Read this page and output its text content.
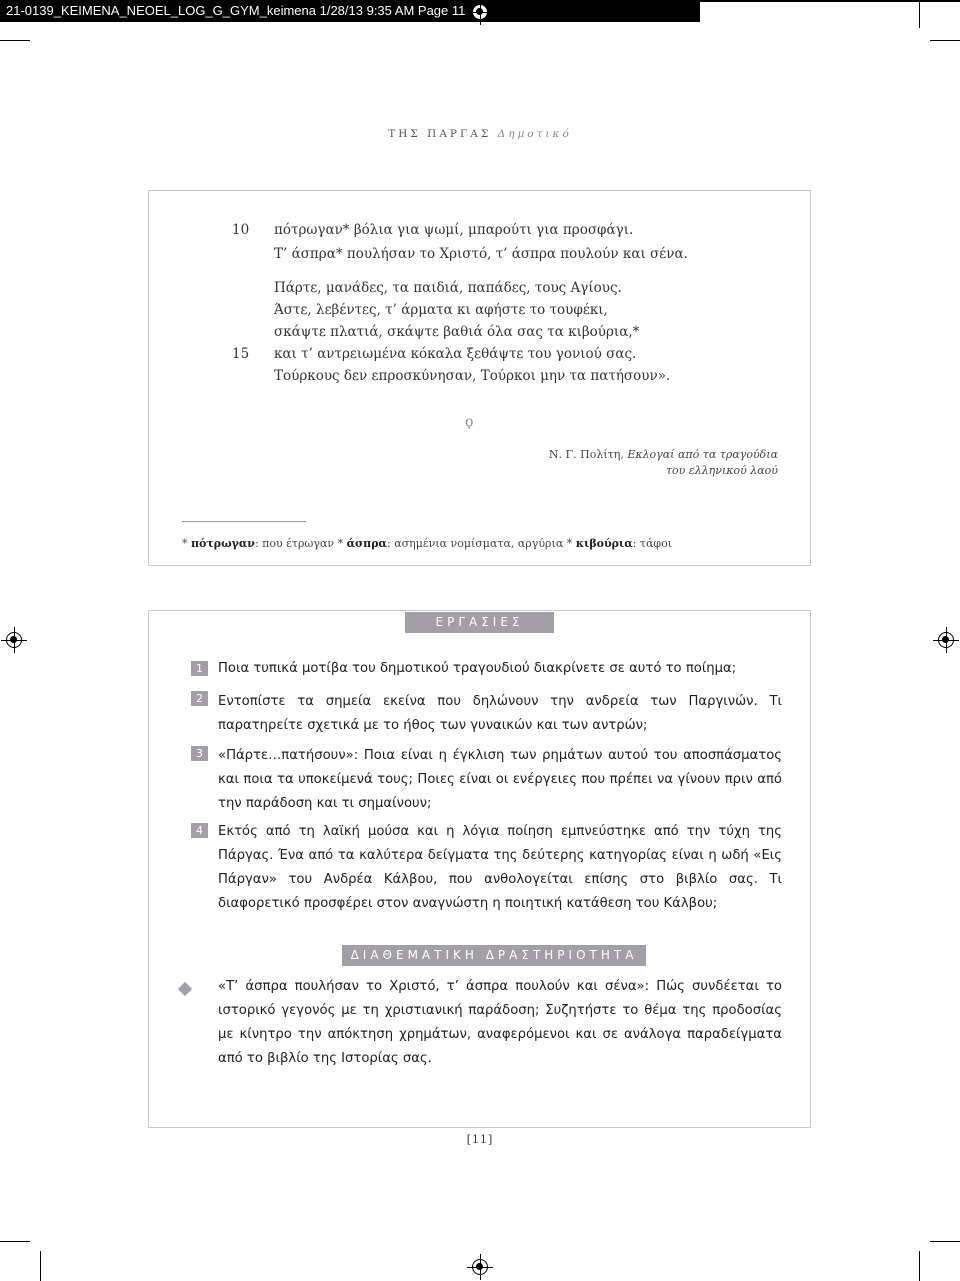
21-0139_KEIMENA_NEOEL_LOG_G_GYM_keimena 1/28/13 9:35 AM Page 11
ΤΗΣ ΠΑΡΓΑΣ Δημοτικό
10 πότρωγαν* βόλια για ψωμί, μπαρούτι για προσφάγι.
Τ’ άσπρα* πουλήσαν το Χριστό, τ’ άσπρα πουλούν και σένα.
Πάρτε, μανάδες, τα παιδιά, παπάδες, τους Αγίους.
Άστε, λεβέντες, τ’ άρματα κι αφήστε το τουφέκι,
σκάψτε πλατιά, σκάψτε βαθιά όλα σας τα κιβούρια,*
15 και τ’ αντρειωμένα κόκαλα ξεθάψτε του γονιού σας.
Τούρκους δεν επροσκύνησαν, Τούρκοι μην τα πατήσουν».
ϙ
Ν. Γ. Πολίτη, Εκλογαί από τα τραγούδια
του ελληνικού λαού
* πότρωγαν: που έτρωγαν * άσπρα: ασημένια νομίσματα, αργύρια * κιβούρια: τάφοι
ΕΡΓΑΣΙΕΣ
1	Ποια τυπικά μοτίβα του δημοτικού τραγουδιού διακρίνετε σε αυτό το ποίημα;
2	Εντοπίστε τα σημεία εκείνα που δηλώνουν την ανδρεία των Παργινών. Τι παρατηρείτε σχετικά με το ήθος των γυναικών και των αντρών;
3	«Πάρτε…πατήσουν»: Ποια είναι η έγκλιση των ρημάτων αυτού του αποσπάσματος και ποια τα υποκείμενά τους; Ποιες είναι οι ενέργειες που πρέπει να γίνουν πριν από την παράδοση και τι σημαίνουν;
4	Εκτός από τη λαϊκή μούσα και η λόγια ποίηση εμπνεύστηκε από την τύχη της Πάργας. Ένα από τα καλύτερα δείγματα της δεύτερης κατηγορίας είναι η ωδή «Εις Πάργαν» του Ανδρέα Κάλβου, που ανθολογείται επίσης στο βιβλίο σας. Τι διαφορετικό προσφέρει στον αναγνώστη η ποιητική κατάθεση του Κάλβου;
ΔΙΑΘΕΜΑΤΙΚΗ ΔΡΑΣΤΗΡΙΟΤΗΤΑ
«Τ’ άσπρα πουλήσαν το Χριστό, τ’ άσπρα πουλούν και σένα»: Πώς συνδέεται το ιστορικό γεγονός με τη χριστιανική παράδοση; Συζητήστε το θέμα της προδοσίας με κίνητρο την απόκτηση χρημάτων, αναφερόμενοι και σε ανάλογα παραδείγματα από το βιβλίο της Ιστορίας σας.
[11]
